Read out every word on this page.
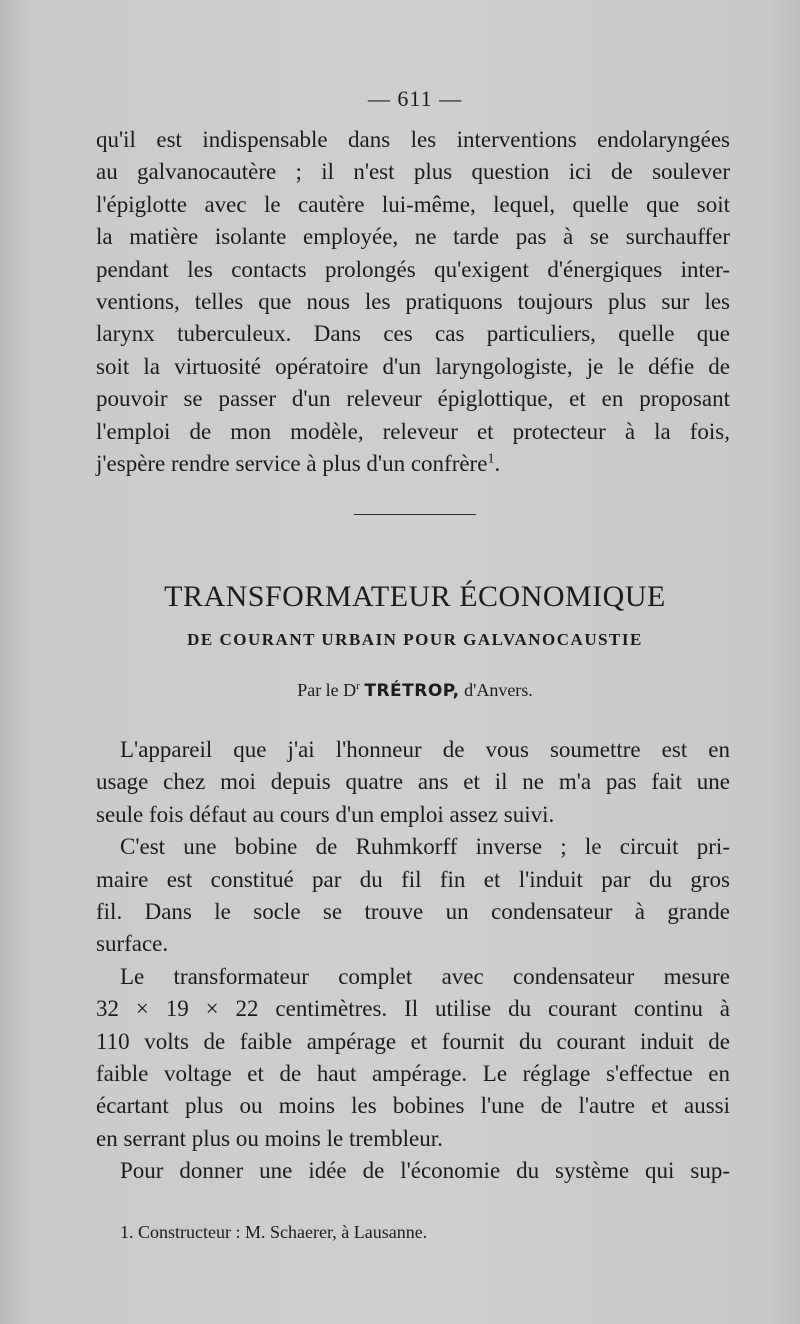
— 611 —
qu'il est indispensable dans les interventions endolaryngées
au galvanocautère ; il n'est plus question ici de soulever
l'épiglotte avec le cautère lui-même, lequel, quelle que soit
la matière isolante employée, ne tarde pas à se surchauffer
pendant les contacts prolongés qu'exigent d'énergiques inter-
ventions, telles que nous les pratiquons toujours plus sur les
larynx tuberculeux. Dans ces cas particuliers, quelle que
soit la virtuosité opératoire d'un laryngologiste, je le défie de
pouvoir se passer d'un releveur épiglottique, et en proposant
l'emploi de mon modèle, releveur et protecteur à la fois,
j'espère rendre service à plus d'un confrère$^1$.
TRANSFORMATEUR ÉCONOMIQUE
DE COURANT URBAIN POUR GALVANOCAUSTIE
Par le $D^r$ TRÉTROP, d'Anvers.

L'appareil que j'ai l'honneur de vous soumettre est en
usage chez moi depuis quatre ans et il ne m'a pas fait une
seule fois défaut au cours d'un emploi assez suivi.

C'est une bobine de Ruhmkorff inverse ; le circuit pri-
maire est constitué par du fil fin et l'induit par du gros
fil. Dans le socle se trouve un condensateur à grande
surface.

Le transformateur complet avec condensateur mesure
32 × 19 × 22 centimètres. Il utilise du courant continu à
110 volts de faible ampérage et fournit du courant induit de
faible voltage et de haut ampérage. Le réglage s'effectue en
écartant plus ou moins les bobines l'une de l'autre et aussi
en serrant plus ou moins le trembleur.

Pour donner une idée de l'économie du système qui sup-

1. Constructeur : M. Schaerer, à Lausanne.
